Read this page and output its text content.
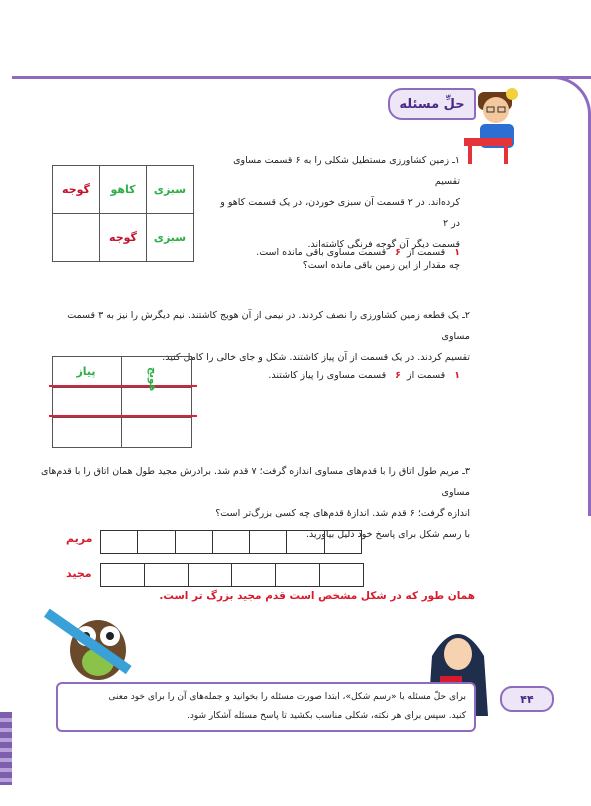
حلِّ مسئله
۱ـ زمین کشاورزی مستطیل شکلی را به ۶ قسمت مساوی تقسیم
کرده‌اند. در ۲ قسمت آن سبزی خوردن، در یک قسمت کاهو و در ۲
قسمت دیگر آن گوجه فرنگی کاشته‌اند.
چه مقدار از این زمین باقی مانده است؟
گوجه	کاهو	سبزی
	گوجه	سبزی
۱   قسمت از  ۶   قسمت مساوی باقی مانده است.
۲ـ یک قطعه زمین کشاورزی را نصف کردند. در نیمی از آن هویج کاشتند. نیم دیگرش را نیز به ۳ قسمت مساوی
تقسیم کردند. در یک قسمت از آن پیاز کاشتند. شکل و جای خالی را کامل کنید.
پیاز	هویج	۱   قسمت از  ۶   قسمت مساوی را پیاز کاشتند.
۳ـ مریم طول اتاق را با قدم‌های مساوی اندازه گرفت؛ ۷ قدم شد. برادرش مجید طول همان اتاق را با قدم‌های مساوی
اندازه گرفت؛ ۶ قدم شد. اندازهٔ قدم‌های چه کسی بزرگ‌تر است؟
با رسم شکل برای پاسخ خود دلیل بیاورید.
مریم
مجید
همان طور که در شکل مشخص است قدم مجید بزرگ تر است.
برای حلّ مسئله با «رسم شکل»، ابتدا صورت مسئله را بخوانید و جمله‌های آن را برای خود معنی
کنید. سپس برای هر نکته، شکلی مناسب بکشید تا پاسخ مسئله آشکار شود.
۴۴
